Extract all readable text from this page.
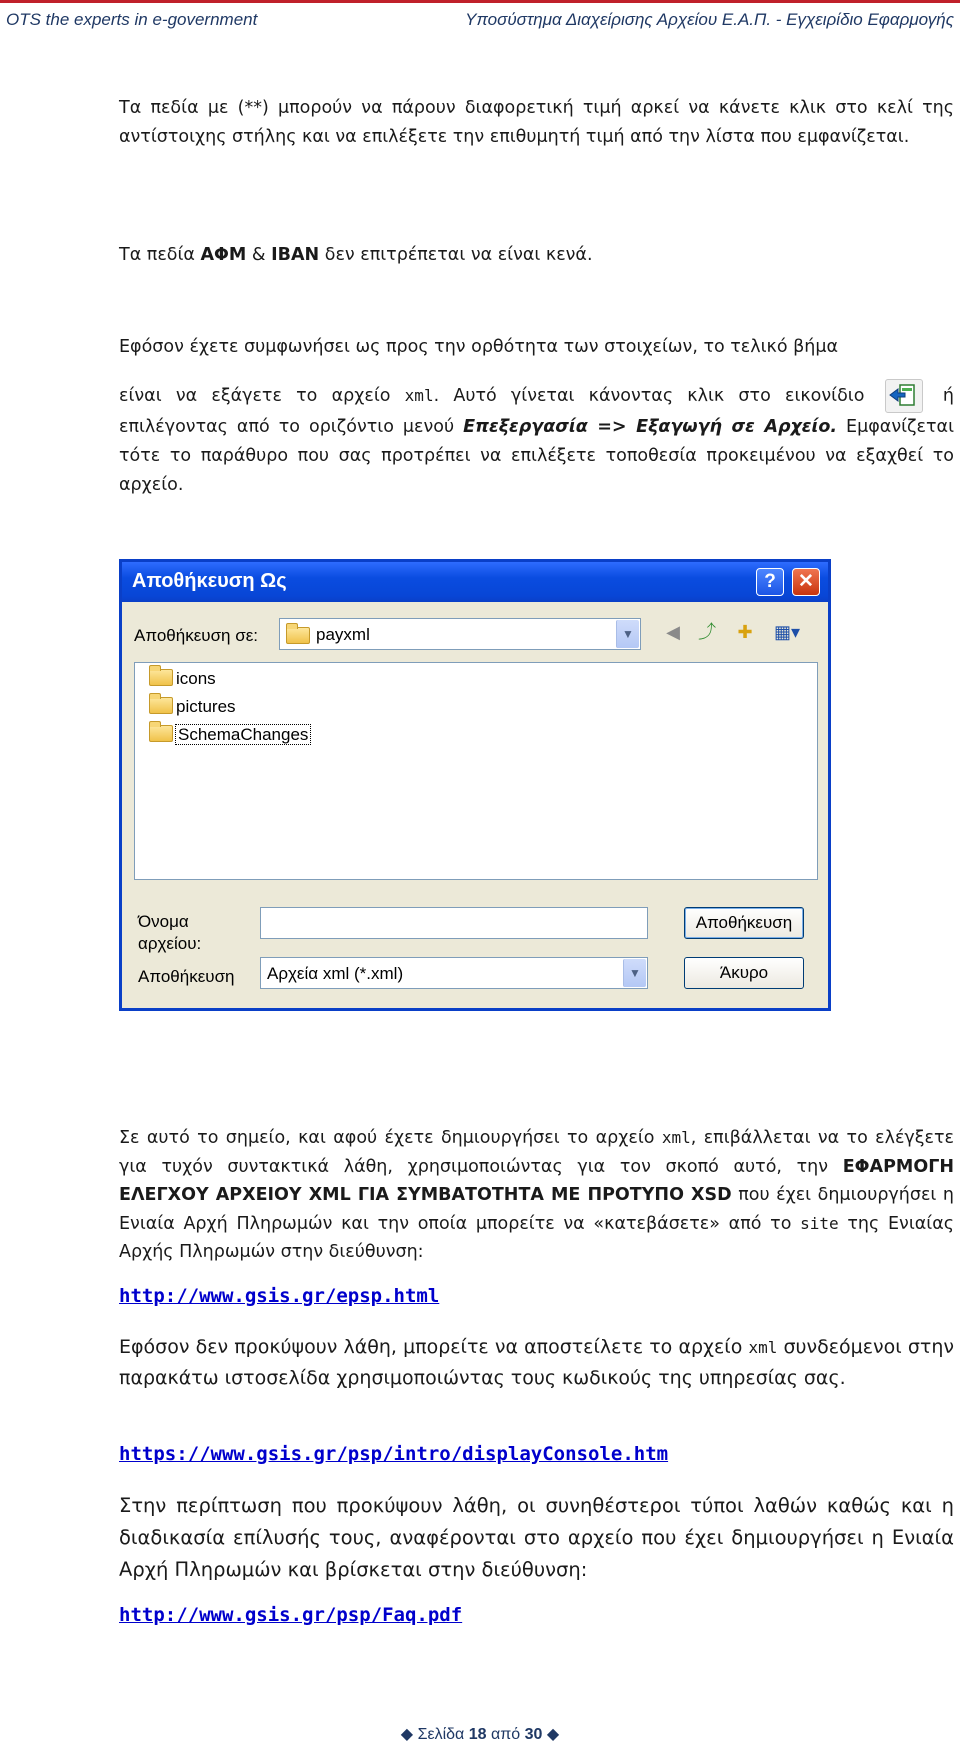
OTS the experts in e-government	Υποσύστημα Διαχείρισης Αρχείου Ε.Α.Π. - Εγχειρίδιο Εφαρμογής

Τα πεδία με (**) μπορούν να πάρουν διαφορετική τιμή αρκεί να κάνετε κλικ στο κελί της αντίστοιχης στήλης και να επιλέξετε την επιθυμητή τιμή από την λίστα που εμφανίζεται.

Τα πεδία ΑΦΜ & IBAN δεν επιτρέπεται να είναι κενά.

Εφόσον έχετε συμφωνήσει ως προς την ορθότητα των στοιχείων, το τελικό βήμα

είναι να εξάγετε το αρχείο xml. Αυτό γίνεται κάνοντας κλικ στο εικονίδιο	ή επιλέγοντας από το οριζόντιο μενού Επεξεργασία => Εξαγωγή σε Αρχείο. Εμφανίζεται τότε το παράθυρο που σας προτρέπει να επιλέξετε τοποθεσία προκειμένου να εξαχθεί το αρχείο.

Αποθήκευση Ως	?	✕
Αποθήκευση σε:	payxml	▼	◀	⤴	✚	▦▾
icons
pictures
SchemaChanges
Όνομα αρχείου:
Αποθήκευση Αρχεία xml (*.xml)	▼
Αποθήκευση
Άκυρο

Σε αυτό το σημείο, και αφού έχετε δημιουργήσει το αρχείο xml, επιβάλλεται να το ελέγξετε για τυχόν συντακτικά λάθη, χρησιμοποιώντας για τον σκοπό αυτό, την ΕΦΑΡΜΟΓΗ ΕΛΕΓΧΟΥ ΑΡΧΕΙΟΥ XML ΓΙΑ ΣΥΜΒΑΤΟΤΗΤΑ ΜΕ ΠΡΟΤΥΠΟ XSD που έχει δημιουργήσει η Ενιαία Αρχή Πληρωμών και την οποία μπορείτε να «κατεβάσετε» από το site της Ενιαίας Αρχής Πληρωμών στην διεύθυνση:

http://www.gsis.gr/epsp.html

Εφόσον δεν προκύψουν λάθη, μπορείτε να αποστείλετε το αρχείο xml συνδεόμενοι στην παρακάτω ιστοσελίδα χρησιμοποιώντας τους κωδικούς της υπηρεσίας σας.

https://www.gsis.gr/psp/intro/displayConsole.htm

Στην περίπτωση που προκύψουν λάθη, οι συνηθέστεροι τύποι λαθών καθώς και η διαδικασία επίλυσής τους, αναφέρονται στο αρχείο που έχει δημιουργήσει η Ενιαία Αρχή Πληρωμών και βρίσκεται στην διεύθυνση:

http://www.gsis.gr/psp/Faq.pdf
◆ Σελίδα 18 από 30 ◆
